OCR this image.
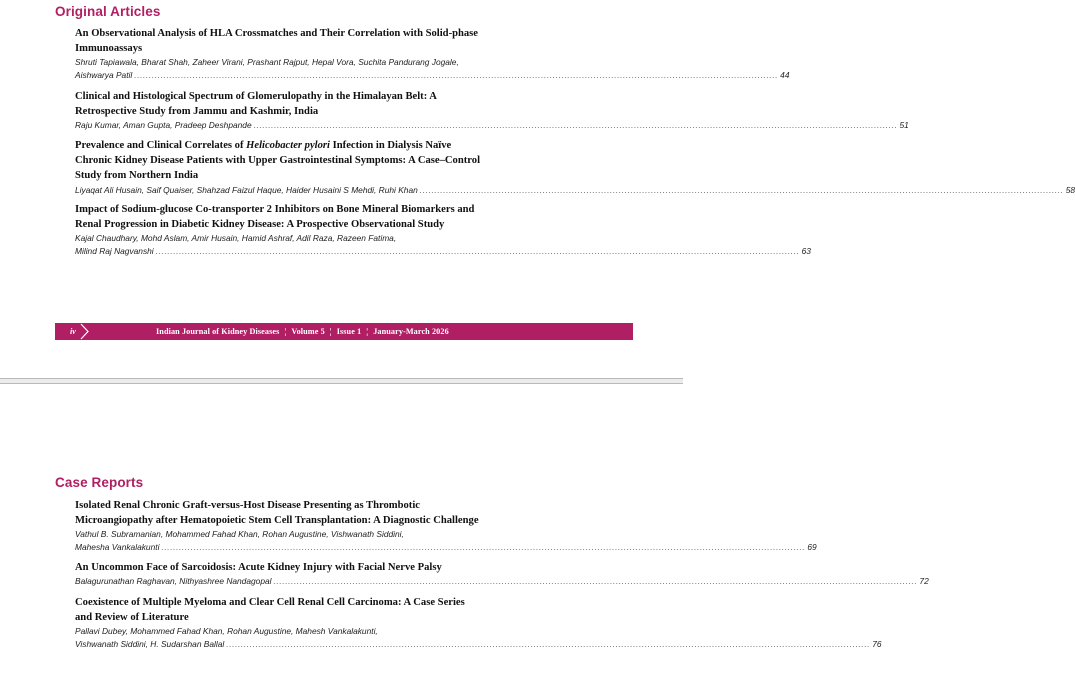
Original Articles
An Observational Analysis of HLA Crossmatches and Their Correlation with Solid-phase
Immunoassays
Shruti Tapiawala, Bharat Shah, Zaheer Virani, Prashant Rajput, Hepal Vora, Suchita Pandurang Jogale,
Aishwarya Patil ............................................................................................................................................................................................................................ 44
Clinical and Histological Spectrum of Glomerulopathy in the Himalayan Belt: A
Retrospective Study from Jammu and Kashmir, India
Raju Kumar, Aman Gupta, Pradeep Deshpande ............................................................................................................................................................................................................................ 51
Prevalence and Clinical Correlates of Helicobacter pylori Infection in Dialysis Naïve
Chronic Kidney Disease Patients with Upper Gastrointestinal Symptoms: A Case–Control
Study from Northern India
Liyaqat Ali Husain, Saif Quaiser, Shahzad Faizul Haque, Haider Husaini S Mehdi, Ruhi Khan ............................................................................................................................................................................................................................ 58
Impact of Sodium-glucose Co-transporter 2 Inhibitors on Bone Mineral Biomarkers and
Renal Progression in Diabetic Kidney Disease: A Prospective Observational Study
Kajal Chaudhary, Mohd Aslam, Amir Husain, Hamid Ashraf, Adil Raza, Razeen Fatima,
Milind Raj Nagvanshi ............................................................................................................................................................................................................................ 63
iv	Indian Journal of Kidney Diseases ¦ Volume 5 ¦ Issue 1 ¦ January-March 2026
Case Reports
Isolated Renal Chronic Graft-versus-Host Disease Presenting as Thrombotic
Microangiopathy after Hematopoietic Stem Cell Transplantation: A Diagnostic Challenge
Vathul B. Subramanian, Mohammed Fahad Khan, Rohan Augustine, Vishwanath Siddini,
Mahesha Vankalakunti ............................................................................................................................................................................................................................ 69
An Uncommon Face of Sarcoidosis: Acute Kidney Injury with Facial Nerve Palsy
Balagurunathan Raghavan, Nithyashree Nandagopal ............................................................................................................................................................................................................................ 72
Coexistence of Multiple Myeloma and Clear Cell Renal Cell Carcinoma: A Case Series
and Review of Literature
Pallavi Dubey, Mohammed Fahad Khan, Rohan Augustine, Mahesh Vankalakunti,
Vishwanath Siddini, H. Sudarshan Ballal ............................................................................................................................................................................................................................ 76
